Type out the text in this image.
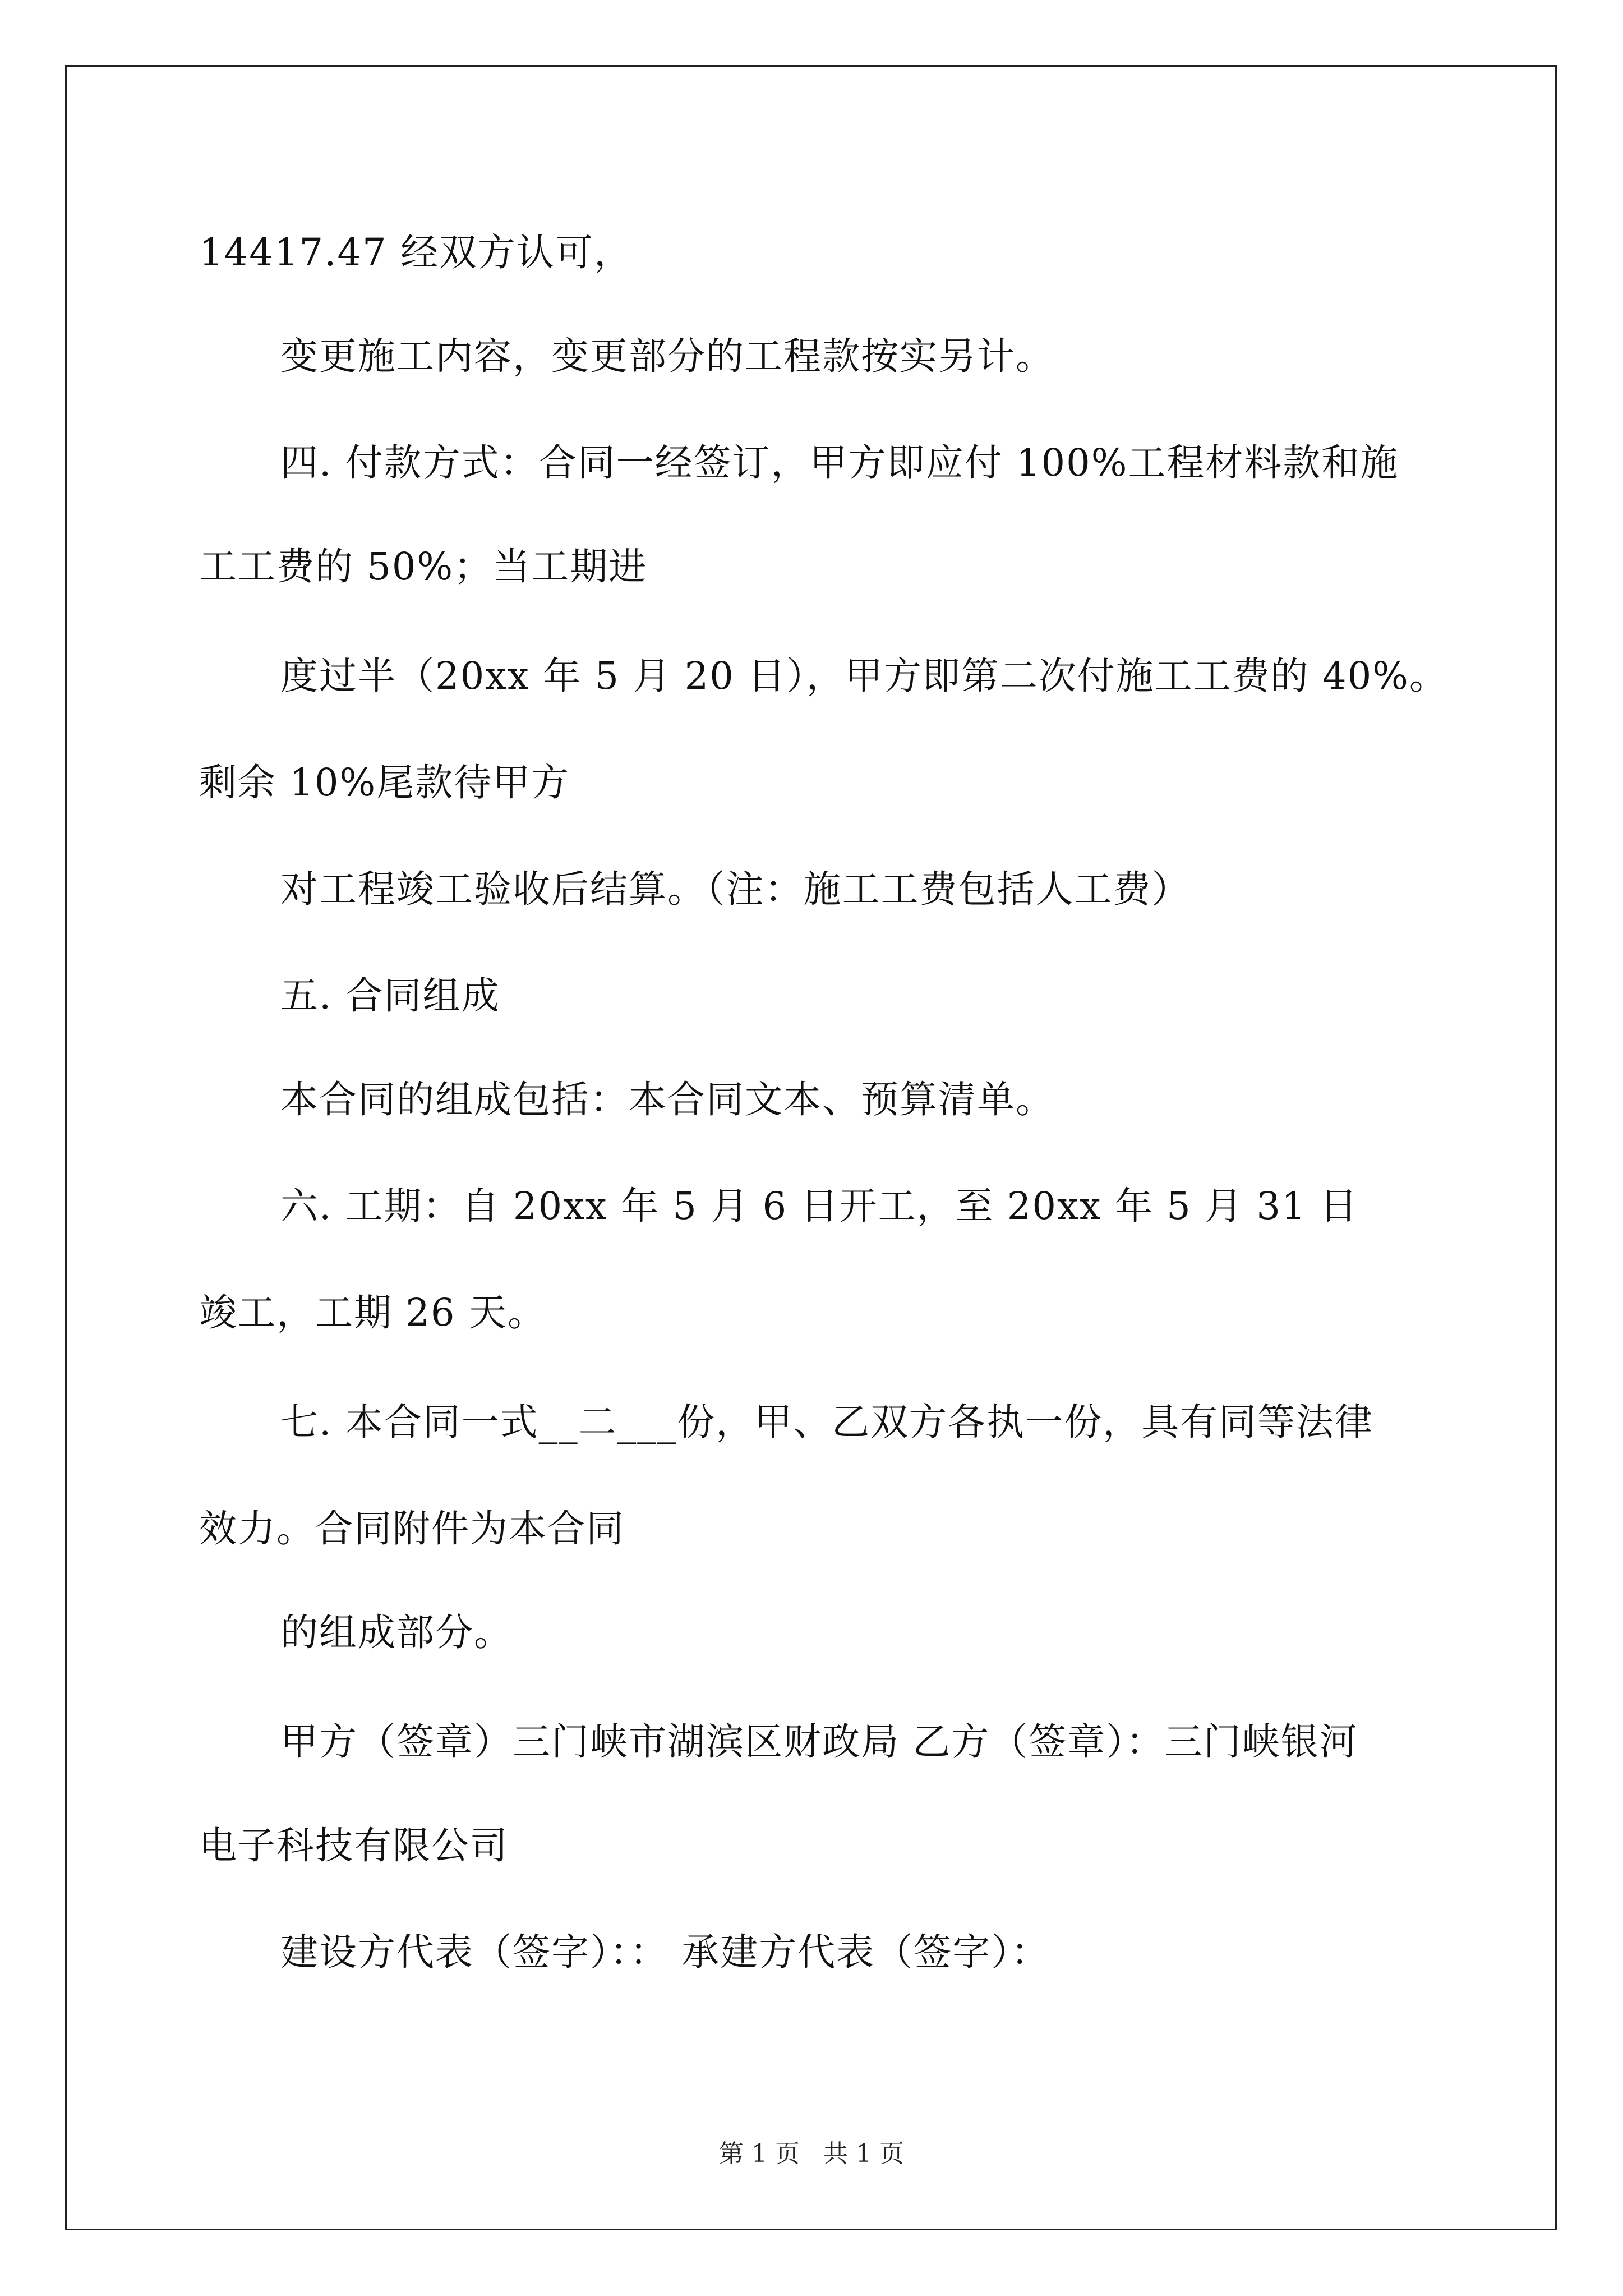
14417.47 经双方认可，
变更施工内容，变更部分的工程款按实另计。
四. 付款方式：合同一经签订，甲方即应付 100%工程材料款和施
工工费的 50%；当工期进
度过半（20xx 年 5 月 20 日），甲方即第二次付施工工费的 40%。
剩余 10%尾款待甲方
对工程竣工验收后结算。（注：施工工费包括人工费）
五. 合同组成
本合同的组成包括：本合同文本、预算清单。
六. 工期：自 20xx 年 5 月 6 日开工，至 20xx 年 5 月 31 日
竣工，工期 26 天。
七. 本合同一式__二___份，甲、乙双方各执一份，具有同等法律
效力。合同附件为本合同
的组成部分。
甲方（签章）三门峡市湖滨区财政局 乙方（签章）：三门峡银河
电子科技有限公司
建设方代表（签字）：： 承建方代表（签字）：
第 1 页   共 1 页
